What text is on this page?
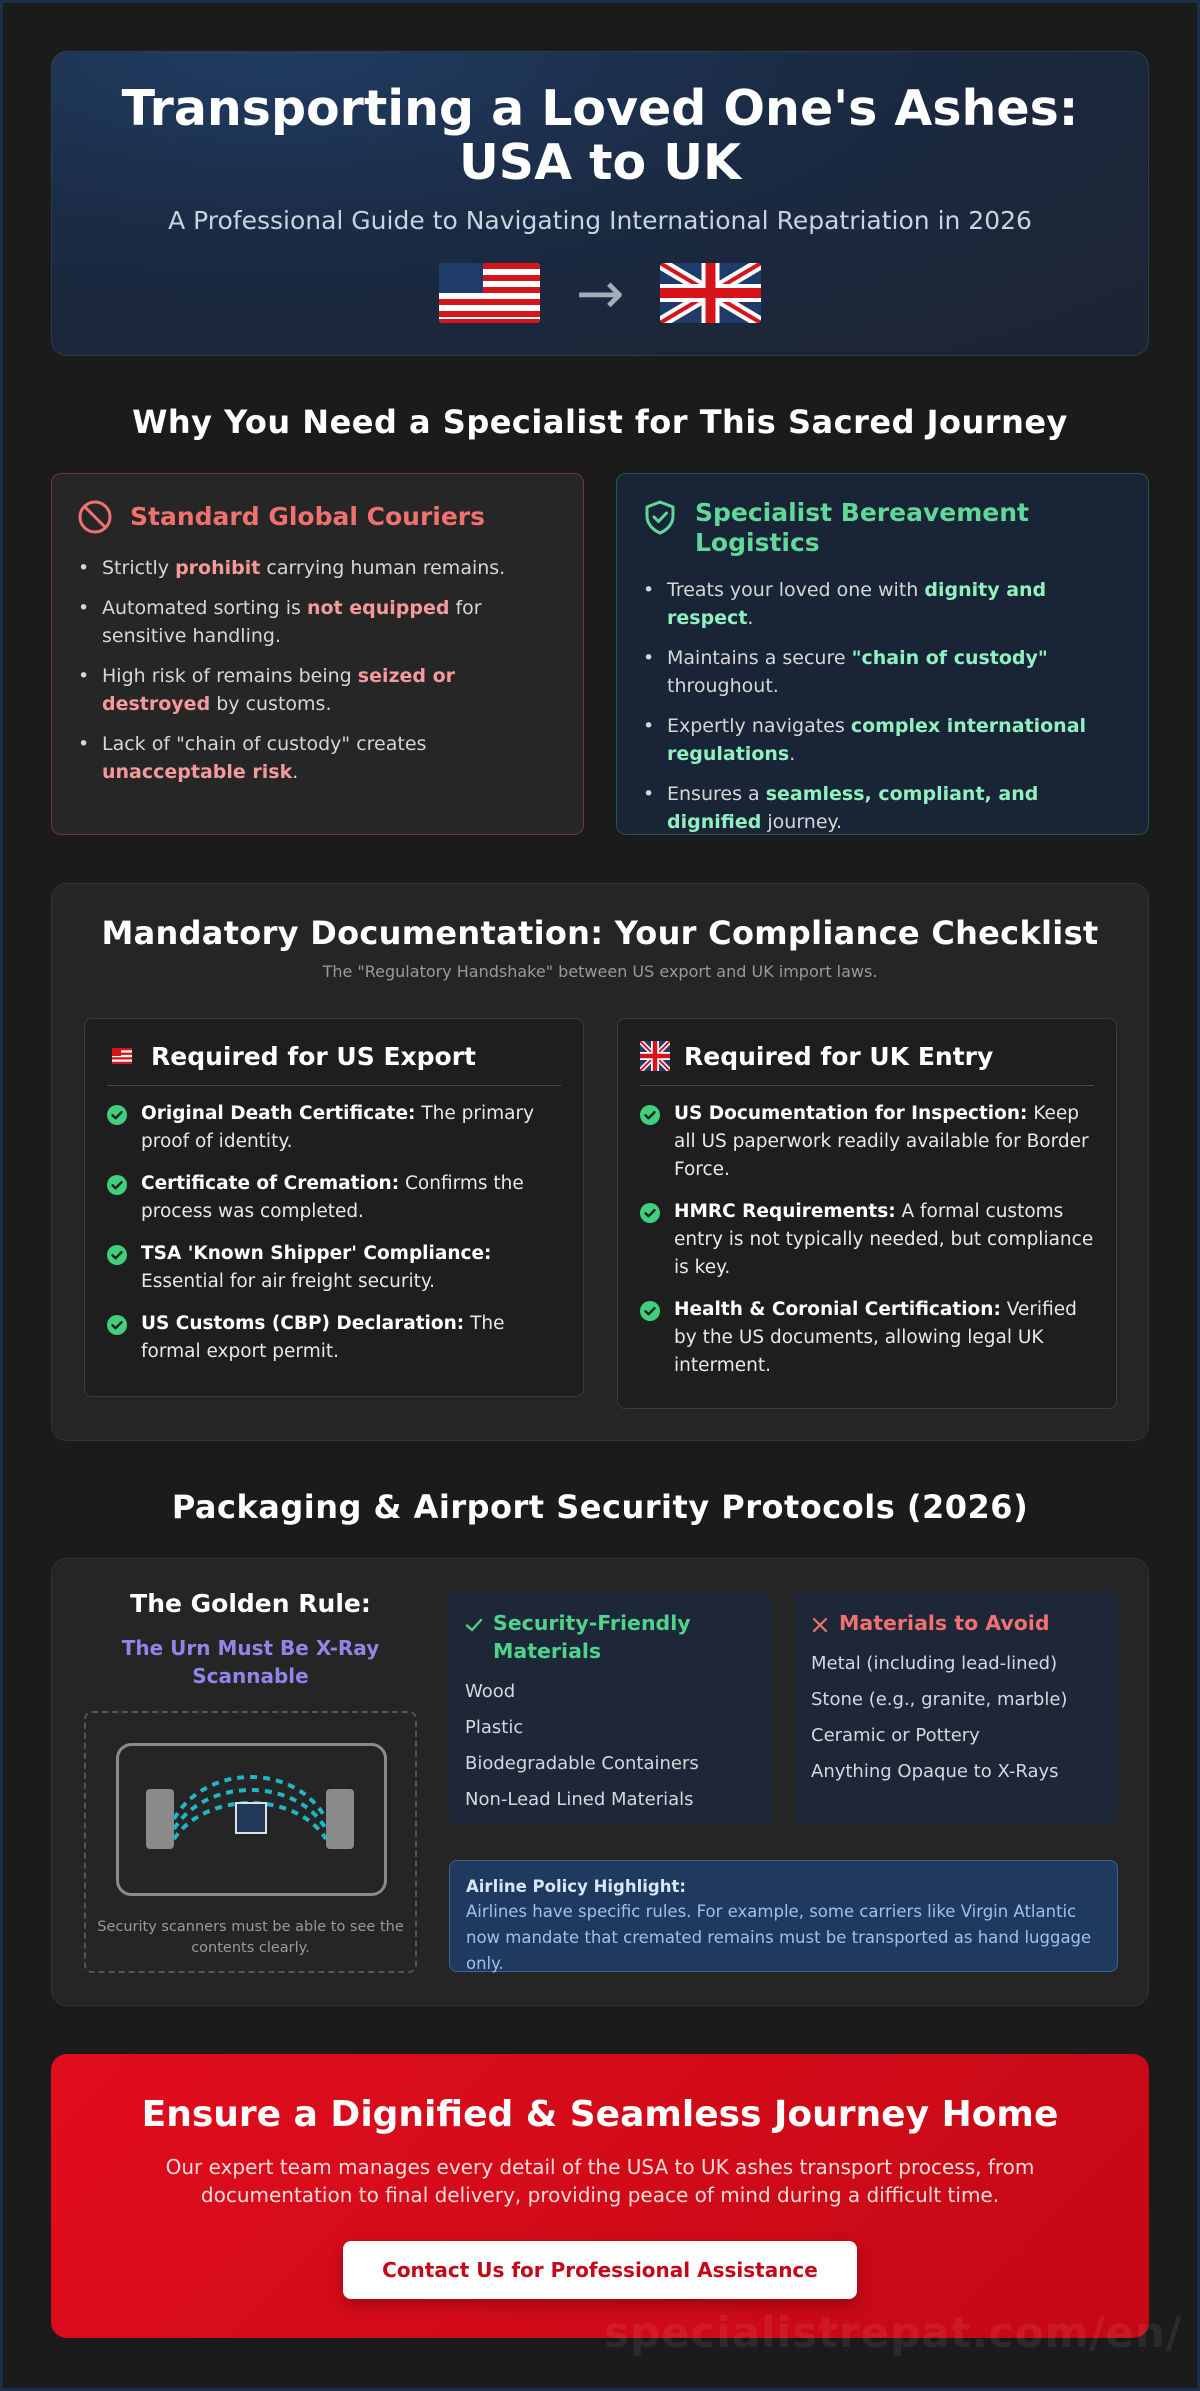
Transporting a Loved One's Ashes: USA to UK
A Professional Guide to Navigating International Repatriation in 2026
→
Why You Need a Specialist for This Sacred Journey
Standard Global Couriers
• Strictly prohibit carrying human remains.
• Automated sorting is not equipped for sensitive handling.
• High risk of remains being seized or destroyed by customs.
• Lack of "chain of custody" creates unacceptable risk.
Specialist Bereavement Logistics
• Treats your loved one with dignity and respect.
• Maintains a secure "chain of custody" throughout.
• Expertly navigates complex international regulations.
• Ensures a seamless, compliant, and dignified journey.
Mandatory Documentation: Your Compliance Checklist
The "Regulatory Handshake" between US export and UK import laws.
Required for US Export

Original Death Certificate: The primary proof of identity.

Certificate of Cremation: Confirms the process was completed.

TSA 'Known Shipper' Compliance: Essential for air freight security.

US Customs (CBP) Declaration: The formal export permit.

Required for UK Entry

US Documentation for Inspection: Keep all US paperwork readily available for Border Force.

HMRC Requirements: A formal customs entry is not typically needed, but compliance is key.

Health & Coronial Certification: Verified by the US documents, allowing legal UK interment.

Packaging & Airport Security Protocols (2026)
The Golden Rule:
The Urn Must Be X-Ray Scannable
Security scanners must be able to see the contents clearly.
Security-Friendly Materials
Wood
Plastic
Biodegradable Containers
Non-Lead Lined Materials
Materials to Avoid
Metal (including lead-lined)
Stone (e.g., granite, marble)
Ceramic or Pottery
Anything Opaque to X-Rays
Airline Policy Highlight:
Airlines have specific rules. For example, some carriers like Virgin Atlantic now mandate that cremated remains must be transported as hand luggage only.
Ensure a Dignified & Seamless Journey Home

Our expert team manages every detail of the USA to UK ashes transport process, from documentation to final delivery, providing peace of mind during a difficult time.

Contact Us for Professional Assistance
specialistrepat.com/en/
